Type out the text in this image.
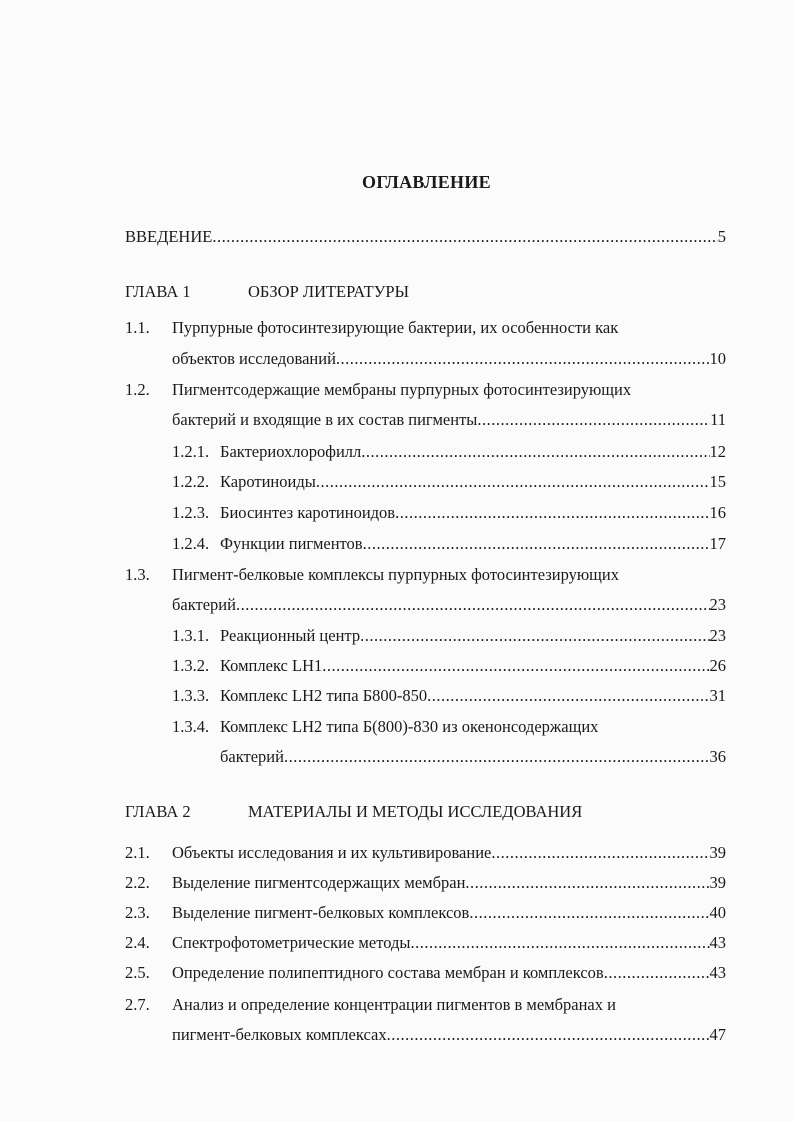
ОГЛАВЛЕНИЕ
ВВЕДЕНИЕ .....	5
ГЛАВА 1	ОБЗОР ЛИТЕРАТУРЫ
1.1. Пурпурные фотосинтезирующие бактерии, их особенности как
объектов исследований .....	10
1.2. Пигментсодержащие мембраны пурпурных фотосинтезирующих
бактерий и входящие в их состав пигменты .....	11
1.2.1. Бактериохлорофилл .....	12
1.2.2. Каротиноиды .....	15
1.2.3. Биосинтез каротиноидов .....	16
1.2.4. Функции пигментов .....	17
1.3. Пигмент-белковые комплексы пурпурных фотосинтезирующих
бактерий .....	23
1.3.1. Реакционный центр .....	23
1.3.2. Комплекс LH1 .....	26
1.3.3. Комплекс LH2 типа Б800-850 .....	31
1.3.4. Комплекс LH2 типа Б(800)-830 из окенонсодержащих
бактерий .....	36
ГЛАВА 2	МАТЕРИАЛЫ И МЕТОДЫ ИССЛЕДОВАНИЯ
2.1. Объекты исследования и их культивирование .....	39
2.2. Выделение пигментсодержащих мембран .....	39
2.3. Выделение пигмент-белковых комплексов .....	40
2.4. Спектрофотометрические методы .....	43
2.5. Определение полипептидного состава мембран и комплексов .....	43
2.7. Анализ и определение концентрации пигментов в мембранах и
пигмент-белковых комплексах .....	47
